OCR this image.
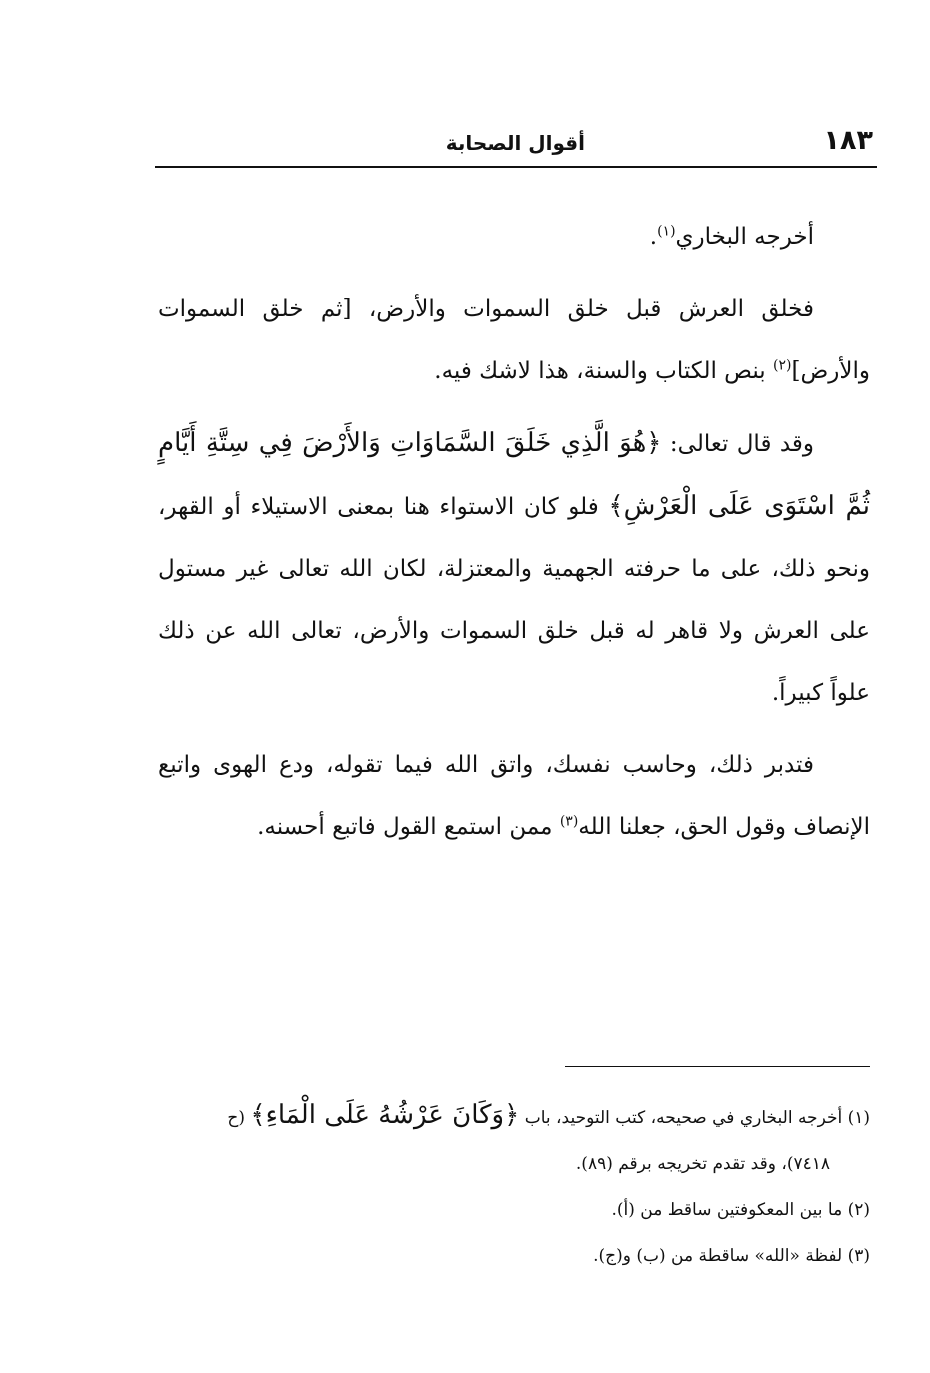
١٨٣

أقوال الصحابة

أخرجه البخاري$^{(١)}$.

فخلق العرش قبل خلق السموات والأرض، [ثم خلق السموات والأرض]$^{(٢)}$ بنص الكتاب والسنة، هذا لاشك فيه.

وقد قال تعالى: ﴿هُوَ الَّذِي خَلَقَ السَّمَاوَاتِ وَالأَرْضَ فِي سِتَّةِ أَيَّامٍ ثُمَّ اسْتَوَى عَلَى الْعَرْشِ﴾ فلو كان الاستواء هنا بمعنى الاستيلاء أو القهر، ونحو ذلك، على ما حرفته الجهمية والمعتزلة، لكان الله تعالى غير مستول على العرش ولا قاهر له قبل خلق السموات والأرض، تعالى الله عن ذلك علواً كبيراً.

فتدبر ذلك، وحاسب نفسك، واتق الله فيما تقوله، ودع الهوى واتبع الإنصاف وقول الحق، جعلنا الله$^{(٣)}$ ممن استمع القول فاتبع أحسنه.

(١) أخرجه البخاري في صحيحه، كتب التوحيد، باب ﴿وَكَانَ عَرْشُهُ عَلَى الْمَاءِ﴾ (ح

٧٤١٨)، وقد تقدم تخريجه برقم (٨٩).

(٢) ما بين المعكوفتين ساقط من (أ).

(٣) لفظة «الله» ساقطة من (ب) و(ج).
